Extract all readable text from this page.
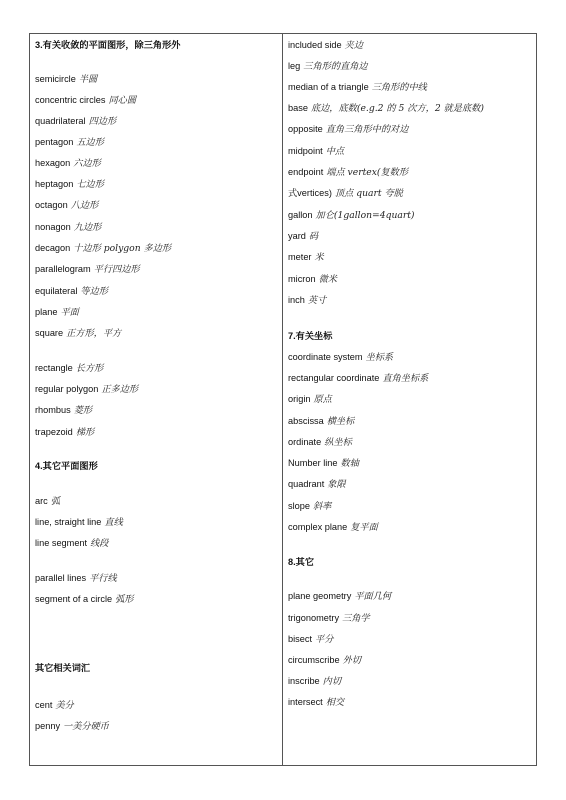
3.有关收敛的平面图形，除三角形外
semicircle 半圆
concentric circles 同心圆
quadrilateral 四边形
pentagon 五边形
hexagon 六边形
heptagon 七边形
octagon 八边形
nonagon 九边形
decagon 十边形 polygon 多边形
parallelogram 平行四边形
equilateral 等边形
plane 平面
square 正方形，平方
rectangle 长方形
regular polygon 正多边形
rhombus 菱形
trapezoid 梯形
4.其它平面图形
arc 弧
line, straight line 直线
line segment 线段
parallel lines 平行线
segment of a circle 弧形
其它相关词汇
cent 美分
penny 一美分硬币
included side 夹边
leg 三角形的直角边
median of a triangle 三角形的中线
base 底边，底数(e.g.2 的 5 次方，2 就是底数)
opposite 直角三角形中的对边
midpoint 中点
endpoint 端点 vertex(复数形
式vertices) 顶点 quart 夸脱
gallon 加仑(1gallon=4quart)
yard 码
meter 米
micron 微米
inch 英寸
7.有关坐标
coordinate system 坐标系
rectangular coordinate 直角坐标系
origin 原点
abscissa 横坐标
ordinate 纵坐标
Number line 数轴
quadrant 象限
slope 斜率
complex plane 复平面
8.其它
plane geometry 平面几何
trigonometry 三角学
bisect 平分
circumscribe 外切
inscribe 内切
intersect 相交
